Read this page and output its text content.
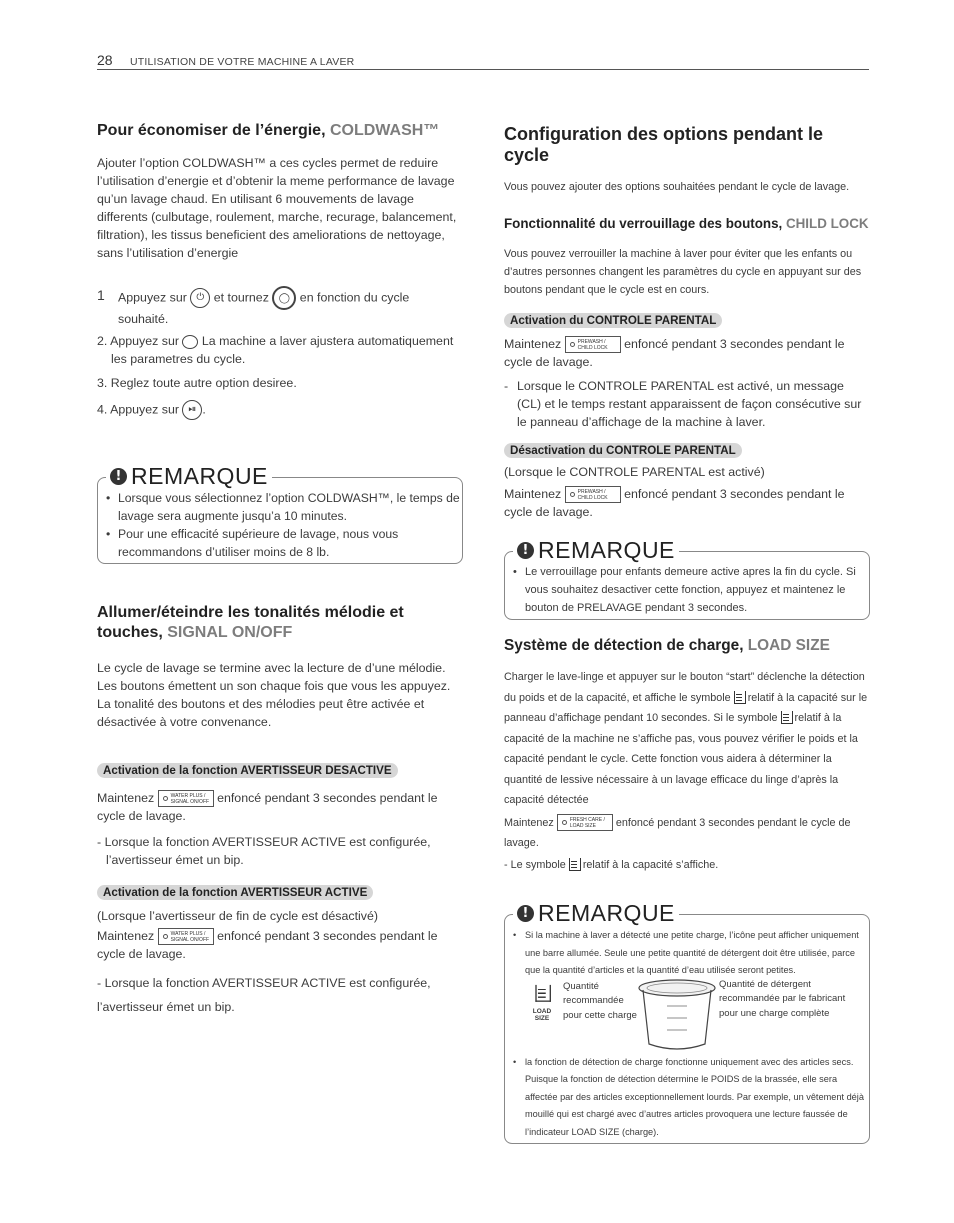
28 UTILISATION DE VOTRE MACHINE A LAVER
Pour économiser de l’énergie, COLDWASH™

Ajouter l’option COLDWASH™ a ces cycles permet de reduire l’utilisation d’energie et d’obtenir la meme performance de lavage qu’un lavage chaud. En utilisant 6 mouvements de lavage differents (culbutage, roulement, marche, recurage, balancement, filtration), les tissus beneficient des ameliorations de nettoyage, sans l’utilisation d’energie

1 Appuyez sur ⏻ et tournez ◯ en fonction du cycle souhaité.
2. Appuyez sur La machine a laver ajustera automatiquement les parametres du cycle.
3. Reglez toute autre option desiree.
4. Appuyez sur ⏯ .
! REMARQUE
• Lorsque vous sélectionnez l’option COLDWASH™, le temps de lavage sera augmente jusqu’a 10 minutes.
• Pour une efficacité supérieure de lavage, nous vous recommandons d’utiliser moins de 8 lb.
Allumer/éteindre les tonalités mélodie et touches, SIGNAL ON/OFF

Le cycle de lavage se termine avec la lecture de d’une mélodie. Les boutons émettent un son chaque fois que vous les appuyez. La tonalité des boutons et des mélodies peut être activée et désactivée à votre convenance.

Activation de la fonction AVERTISSEUR DESACTIVE
Maintenez	WATER PLUS / SIGNAL ON/OFF enfoncé pendant 3 secondes pendant le cycle de lavage.

- Lorsque la fonction AVERTISSEUR ACTIVE est configurée, l’avertisseur émet un bip.

Activation de la fonction AVERTISSEUR ACTIVE

(Lorsque l’avertisseur de fin de cycle est désactivé)

Maintenez	WATER PLUS / SIGNAL ON/OFF enfoncé pendant 3 secondes pendant le cycle de lavage.

- Lorsque la fonction AVERTISSEUR ACTIVE est configurée, l’avertisseur émet un bip.

Configuration des options pendant le cycle

Vous pouvez ajouter des options souhaitées pendant le cycle de lavage.

Fonctionnalité du verrouillage des boutons, CHILD LOCK

Vous pouvez verrouiller la machine à laver pour éviter que les enfants ou d’autres personnes changent les paramètres du cycle en appuyant sur des boutons pendant que le cycle est en cours.

Activation du CONTROLE PARENTAL
Maintenez	PREWASH / CHILD LOCK	enfoncé pendant 3 secondes pendant le cycle de lavage.
- Lorsque le CONTROLE PARENTAL est activé, un message (CL) et le temps restant apparaissent de façon consécutive sur le panneau d’affichage de la machine à laver.
Désactivation du CONTROLE PARENTAL

(Lorsque le CONTROLE PARENTAL est activé)

Maintenez	PREWASH / CHILD LOCK	enfoncé pendant 3 secondes pendant le cycle de lavage.
! REMARQUE
• Le verrouillage pour enfants demeure active apres la fin du cycle. Si vous souhaitez desactiver cette fonction, appuyez et maintenez le bouton de PRELAVAGE pendant 3 secondes.
Système de détection de charge, LOAD SIZE
Charger le lave-linge et appuyer sur le bouton “start” déclenche la détection du poids et de la capacité, et affiche le symbole relatif à la capacité sur le panneau d’affichage pendant 10 secondes. Si le symbole relatif à la capacité de la machine ne s’affiche pas, vous pouvez vérifier le poids et la capacité pendant le cycle. Cette fonction vous aidera à déterminer la quantité de lessive nécessaire à un lavage efficace du linge d’après la capacité détectée
Maintenez	FRESH CARE / LOAD SIZE	enfoncé pendant 3 secondes pendant le cycle de lavage.
- Le symbole relatif à la capacité s’affiche.
! REMARQUE
• Si la machine à laver a détecté une petite charge, l’icône peut afficher uniquement une barre allumée. Seule une petite quantité de détergent doit être utilisée, parce que la quantité d’articles et la quantité d’eau utilisée seront petites.
LOAD SIZE
Quantité recommandée pour cette charge
Quantité de détergent recommandée par le fabricant pour une charge complète
• la fonction de détection de charge fonctionne uniquement avec des articles secs. Puisque la fonction de détection détermine le POIDS de la brassée, elle sera affectée par des articles exceptionnellement lourds. Par exemple, un vêtement déjà mouillé qui est chargé avec d’autres articles provoquera une lecture faussée de l’indicateur LOAD SIZE (charge).
